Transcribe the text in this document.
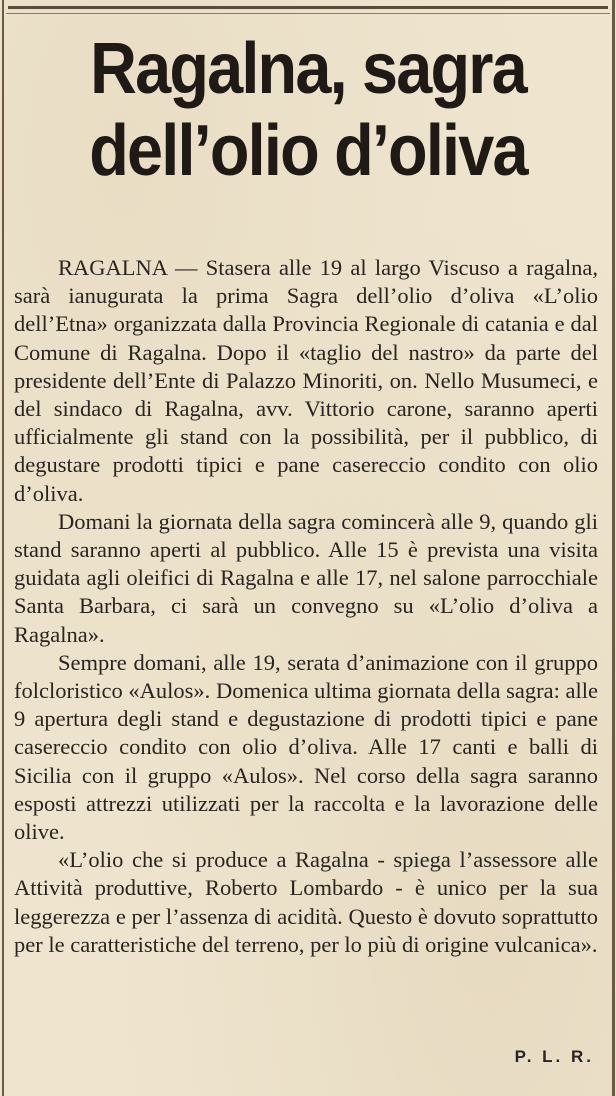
Ragalna, sagra
dell’olio d’oliva

RAGALNA — Stasera alle 19 al largo Viscuso a ragalna, sarà ianugurata la prima Sagra dell’olio d’oliva «L’olio dell’Etna» organizzata dalla Provincia Regionale di catania e dal Comune di Ragalna. Dopo il «taglio del nastro» da parte del presidente dell’Ente di Palazzo Minoriti, on. Nello Musumeci, e del sindaco di Ragalna, avv. Vittorio carone, saranno aperti ufficialmente gli stand con la possibilità, per il pubblico, di degustare prodotti tipici e pane casereccio condito con olio d’oliva.

Domani la giornata della sagra comincerà alle 9, quando gli stand saranno aperti al pubblico. Alle 15 è prevista una visita guidata agli oleifici di Ragalna e alle 17, nel salone parrocchiale Santa Barbara, ci sarà un convegno su «L’olio d’oliva a Ragalna».

Sempre domani, alle 19, serata d’animazione con il gruppo folcloristico «Aulos». Domenica ultima giornata della sagra: alle 9 apertura degli stand e degustazione di prodotti tipici e pane casereccio condito con olio d’oliva. Alle 17 canti e balli di Sicilia con il gruppo «Aulos». Nel corso della sagra saranno esposti attrezzi utilizzati per la raccolta e la lavorazione delle olive.

«L’olio che si produce a Ragalna - spiega l’assessore alle Attività produttive, Roberto Lombardo - è unico per la sua leggerezza e per l’assenza di acidità. Questo è dovuto soprattutto per le caratteristiche del terreno, per lo più di origine vulcanica».

P. L. R.
